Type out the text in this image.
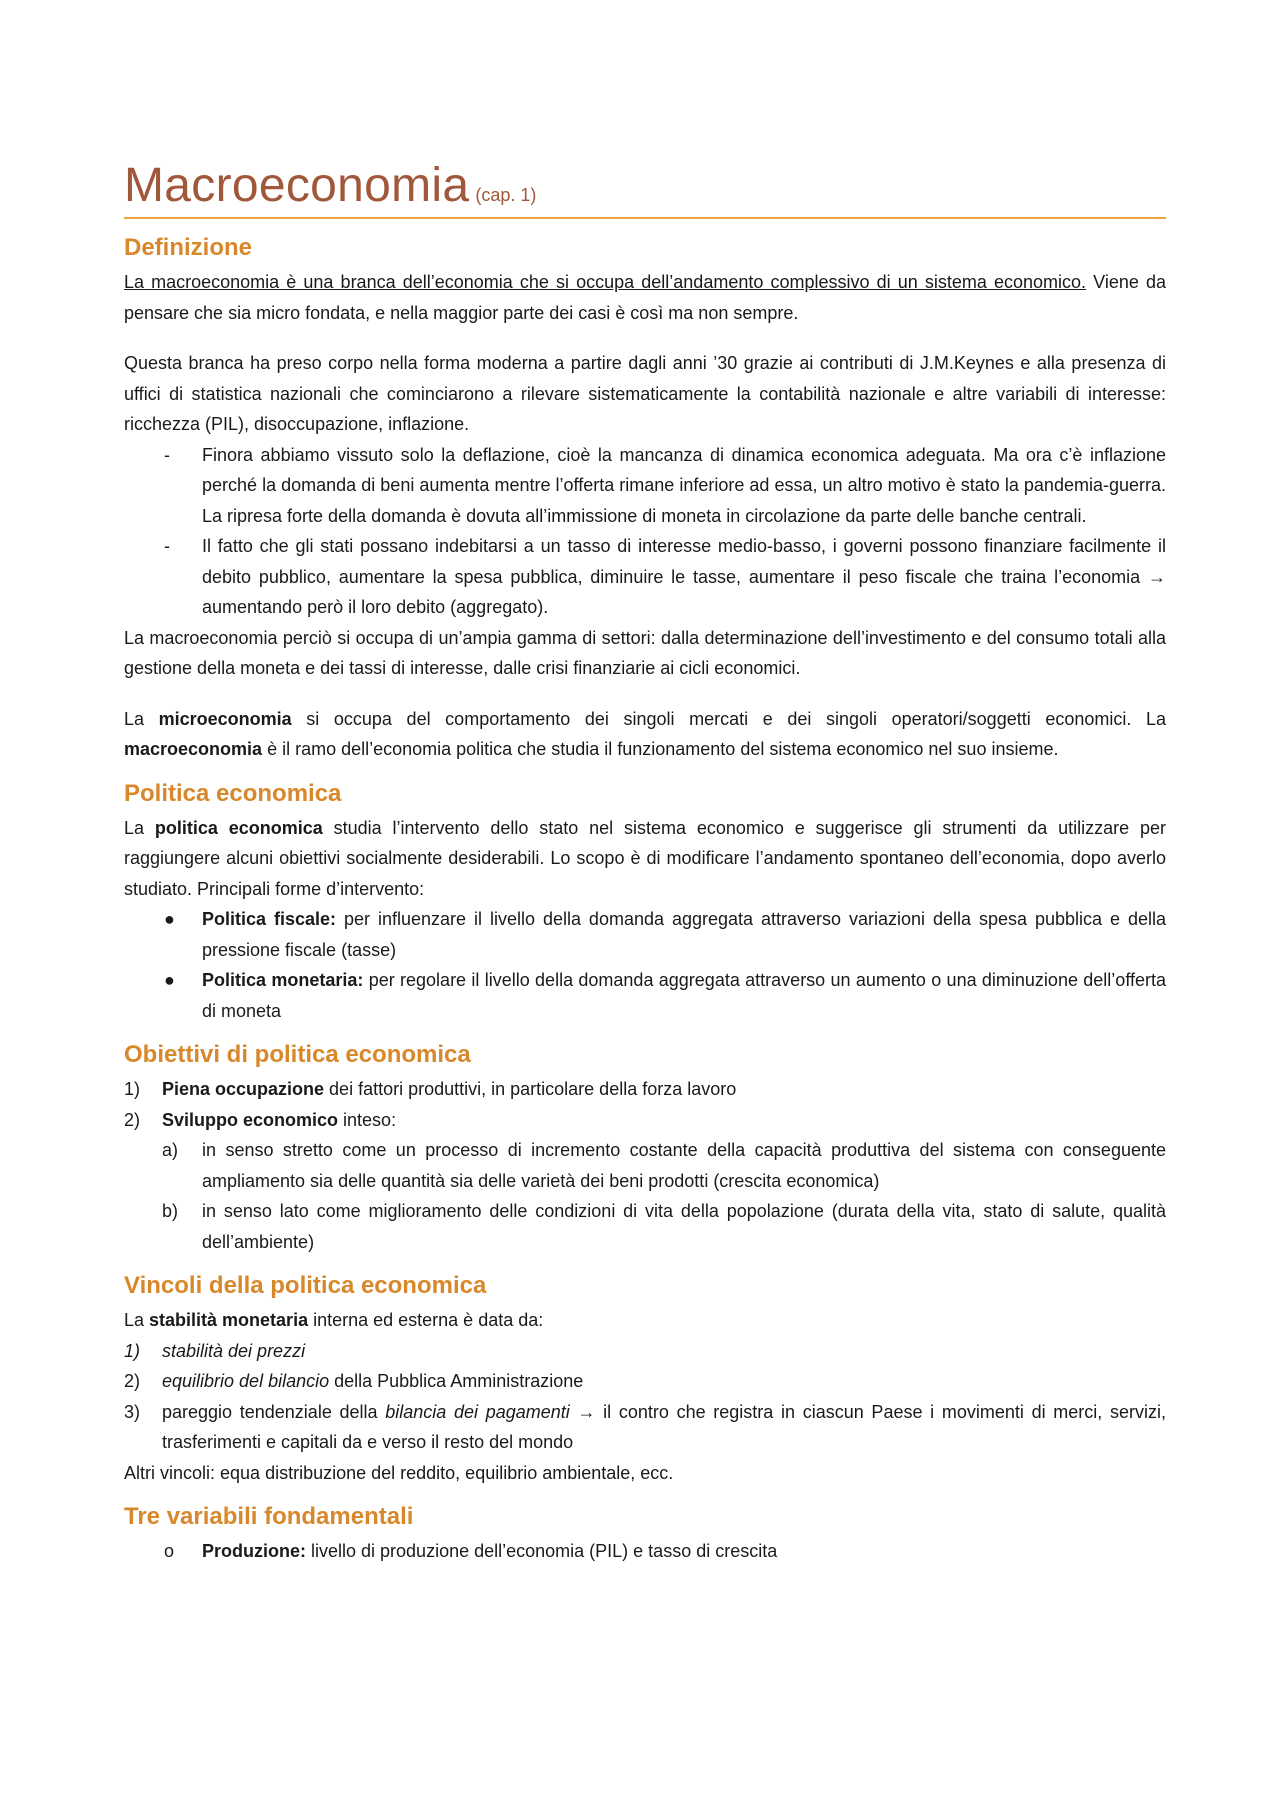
Macroeconomia (cap. 1)
Definizione

La macroeconomia è una branca dell’economia che si occupa dell’andamento complessivo di un sistema economico. Viene da pensare che sia micro fondata, e nella maggior parte dei casi è così ma non sempre.

Questa branca ha preso corpo nella forma moderna a partire dagli anni ’30 grazie ai contributi di J.M.Keynes e alla presenza di uffici di statistica nazionali che cominciarono a rilevare sistematicamente la contabilità nazionale e altre variabili di interesse: ricchezza (PIL), disoccupazione, inflazione.

- Finora abbiamo vissuto solo la deflazione, cioè la mancanza di dinamica economica adeguata. Ma ora c’è inflazione perché la domanda di beni aumenta mentre l’offerta rimane inferiore ad essa, un altro motivo è stato la pandemia-guerra. La ripresa forte della domanda è dovuta all’immissione di moneta in circolazione da parte delle banche centrali.
- Il fatto che gli stati possano indebitarsi a un tasso di interesse medio-basso, i governi possono finanziare facilmente il debito pubblico, aumentare la spesa pubblica, diminuire le tasse, aumentare il peso fiscale che traina l’economia → aumentando però il loro debito (aggregato).

La macroeconomia perciò si occupa di un’ampia gamma di settori: dalla determinazione dell’investimento e del consumo totali alla gestione della moneta e dei tassi di interesse, dalle crisi finanziarie ai cicli economici.

La microeconomia si occupa del comportamento dei singoli mercati e dei singoli operatori/soggetti economici. La macroeconomia è il ramo dell’economia politica che studia il funzionamento del sistema economico nel suo insieme.

Politica economica

La politica economica studia l’intervento dello stato nel sistema economico e suggerisce gli strumenti da utilizzare per raggiungere alcuni obiettivi socialmente desiderabili. Lo scopo è di modificare l’andamento spontaneo dell’economia, dopo averlo studiato. Principali forme d’intervento:

● Politica fiscale: per influenzare il livello della domanda aggregata attraverso variazioni della spesa pubblica e della pressione fiscale (tasse)
● Politica monetaria: per regolare il livello della domanda aggregata attraverso un aumento o una diminuzione dell’offerta di moneta
Obiettivi di politica economica
1) Piena occupazione dei fattori produttivi, in particolare della forza lavoro
2) Sviluppo economico inteso:
a) in senso stretto come un processo di incremento costante della capacità produttiva del sistema con conseguente ampliamento sia delle quantità sia delle varietà dei beni prodotti (crescita economica)
b) in senso lato come miglioramento delle condizioni di vita della popolazione (durata della vita, stato di salute, qualità dell’ambiente)
Vincoli della politica economica

La stabilità monetaria interna ed esterna è data da:

1) stabilità dei prezzi
2) equilibrio del bilancio della Pubblica Amministrazione
3) pareggio tendenziale della bilancia dei pagamenti → il contro che registra in ciascun Paese i movimenti di merci, servizi, trasferimenti e capitali da e verso il resto del mondo

Altri vincoli: equa distribuzione del reddito, equilibrio ambientale, ecc.

Tre variabili fondamentali
o Produzione: livello di produzione dell’economia (PIL) e tasso di crescita
